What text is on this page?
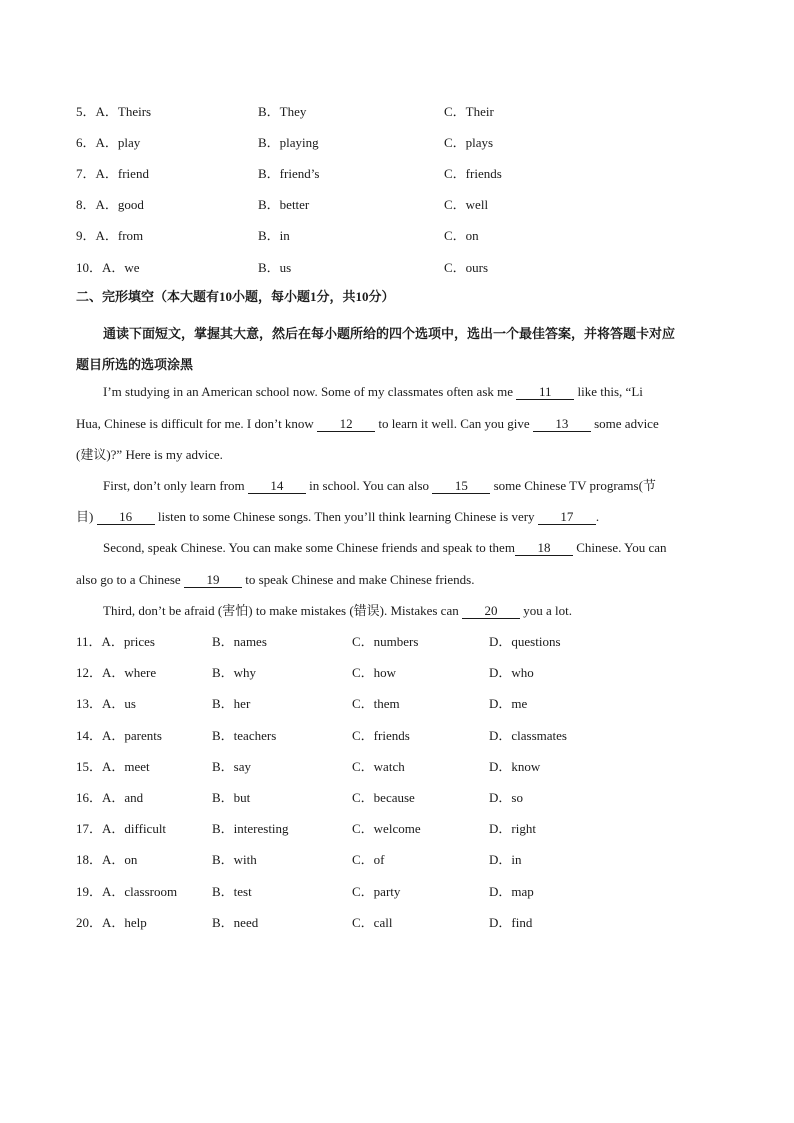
5．A．Theirs	B．They	C．Their
6．A．play	B．playing	C．plays
7．A．friend	B．friend’s	C．friends
8．A．good	B．better	C．well
9．A．from	B．in	C．on
10．A．we	B．us	C．ours
二、完形填空（本大题有10小题，每小题1分，共10分）
通读下面短文，掌握其大意，然后在每小题所给的四个选项中，选出一个最佳答案，并将答题卡对应
题目所选的选项涂黑
I’m studying in an American school now. Some of my classmates often ask me 11 like this, “Li
Hua, Chinese is difficult for me. I don’t know 12 to learn it well. Can you give 13 some advice
(建议)?” Here is my advice.
First, don’t only learn from 14 in school. You can also 15 some Chinese TV programs(节
目) 16 listen to some Chinese songs. Then you’ll think learning Chinese is very 17 .
Second, speak Chinese. You can make some Chinese friends and speak to them 18 Chinese. You can
also go to a Chinese 19 to speak Chinese and make Chinese friends.
Third, don’t be afraid (害怕) to make mistakes (错误). Mistakes can 20 you a lot.
11．A．prices	B．names	C．numbers	D．questions
12．A．where	B．why	C．how	D．who
13．A．us	B．her	C．them	D．me
14．A．parents	B．teachers	C．friends	D．classmates
15．A．meet	B．say	C．watch	D．know
16．A．and	B．but	C．because	D．so
17．A．difficult	B．interesting	C．welcome	D．right
18．A．on	B．with	C．of	D．in
19．A．classroom	B．test	C．party	D．map
20．A．help	B．need	C．call	D．find
